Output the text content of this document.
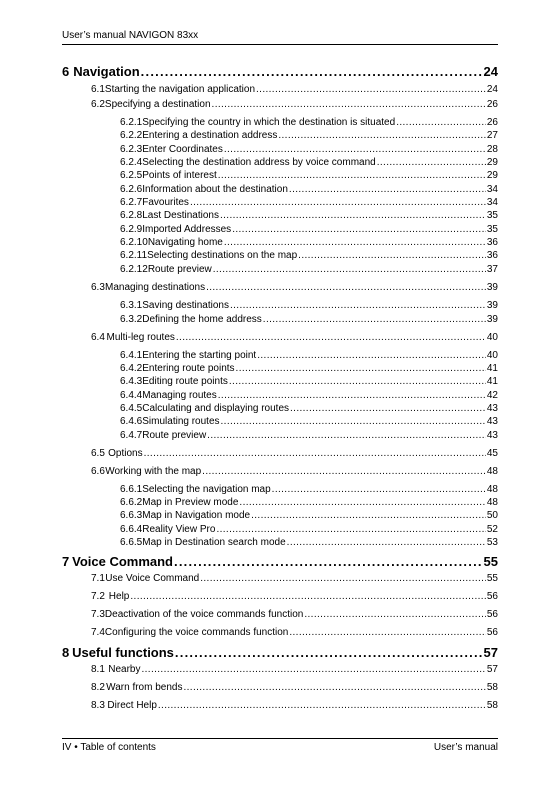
User’s manual NAVIGON 83xx
6 Navigation . . .	24
6.1 Starting the navigation application . . .	24
6.2 Specifying a destination . . .	26
6.2.1 Specifying the country in which the destination is situated . . .	26
6.2.2 Entering a destination address . . .	27
6.2.3 Enter Coordinates . . .	28
6.2.4 Selecting the destination address by voice command . . .	29
6.2.5 Points of interest . . .	29
6.2.6 Information about the destination . . .	34
6.2.7 Favourites . . .	34
6.2.8 Last Destinations . . .	35
6.2.9 Imported Addresses . . .	35
6.2.10 Navigating home . . .	36
6.2.11 Selecting destinations on the map . . .	36
6.2.12 Route preview . . .	37
6.3 Managing destinations . . .	39
6.3.1 Saving destinations . . .	39
6.3.2 Defining the home address . . .	39
6.4 Multi-leg routes . . .	40
6.4.1 Entering the starting point . . .	40
6.4.2 Entering route points . . .	41
6.4.3 Editing route points . . .	41
6.4.4 Managing routes . . .	42
6.4.5 Calculating and displaying routes . . .	43
6.4.6 Simulating routes . . .	43
6.4.7 Route preview . . .	43
6.5 Options . . .	45
6.6 Working with the map . . .	48
6.6.1 Selecting the navigation map . . .	48
6.6.2 Map in Preview mode . . .	48
6.6.3 Map in Navigation mode . . .	50
6.6.4 Reality View Pro . . .	52
6.6.5 Map in Destination search mode . . .	53
7 Voice Command . . .	55
7.1 Use Voice Command . . .	55
7.2 Help . . .	56
7.3 Deactivation of the voice commands function . . .	56
7.4 Configuring the voice commands function . . .	56
8 Useful functions . . .	57
8.1 Nearby . . .	57
8.2 Warn from bends . . .	58
8.3 Direct Help . . .	58
IV • Table of contents	User’s manual
